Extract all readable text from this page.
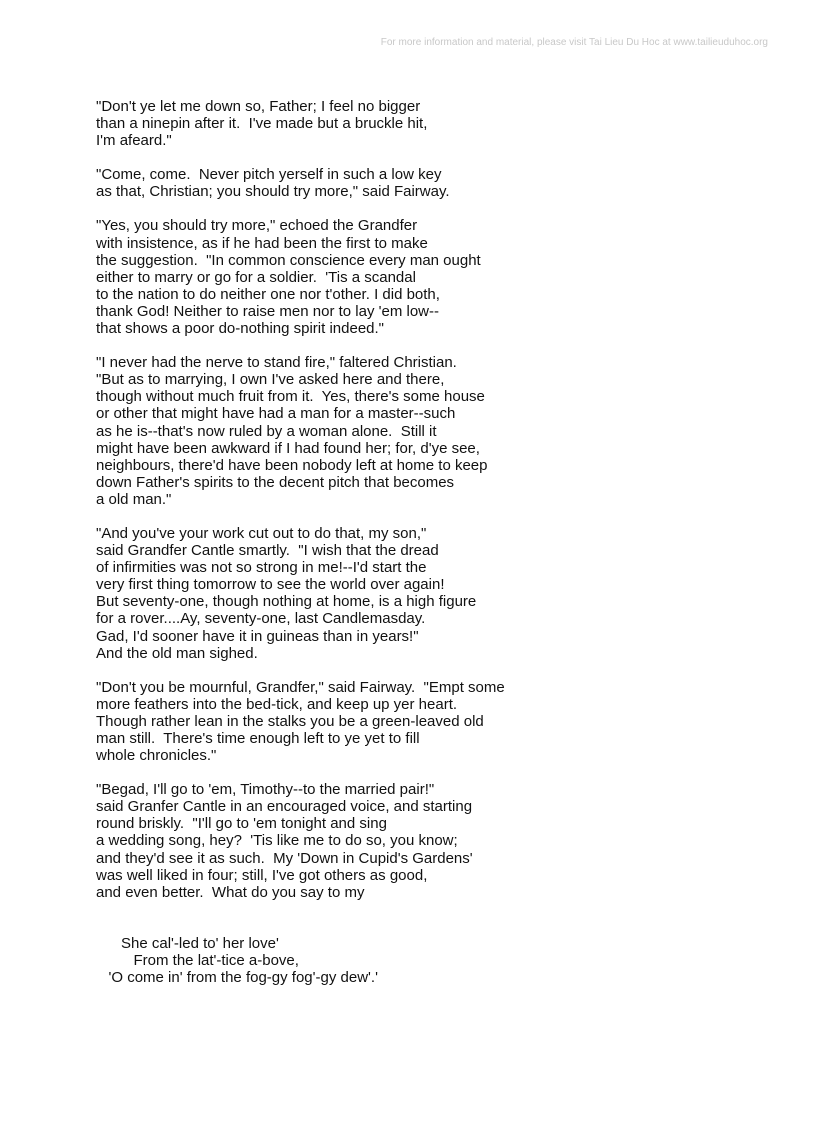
For more information and material, please visit Tai Lieu Du Hoc at www.tailieuduhoc.org

"Don't ye let me down so, Father; I feel no bigger
than a ninepin after it.  I've made but a bruckle hit,
I'm afeard."

"Come, come.  Never pitch yerself in such a low key
as that, Christian; you should try more," said Fairway.

"Yes, you should try more," echoed the Grandfer
with insistence, as if he had been the first to make
the suggestion.  "In common conscience every man ought
either to marry or go for a soldier.  'Tis a scandal
to the nation to do neither one nor t'other. I did both,
thank God! Neither to raise men nor to lay 'em low--
that shows a poor do-nothing spirit indeed."

"I never had the nerve to stand fire," faltered Christian.
"But as to marrying, I own I've asked here and there,
though without much fruit from it.  Yes, there's some house
or other that might have had a man for a master--such
as he is--that's now ruled by a woman alone.  Still it
might have been awkward if I had found her; for, d'ye see,
neighbours, there'd have been nobody left at home to keep
down Father's spirits to the decent pitch that becomes
a old man."

"And you've your work cut out to do that, my son,"
said Grandfer Cantle smartly.  "I wish that the dread
of infirmities was not so strong in me!--I'd start the
very first thing tomorrow to see the world over again!
But seventy-one, though nothing at home, is a high figure
for a rover....Ay, seventy-one, last Candlemasday.
Gad, I'd sooner have it in guineas than in years!"
And the old man sighed.

"Don't you be mournful, Grandfer," said Fairway.  "Empt some
more feathers into the bed-tick, and keep up yer heart.
Though rather lean in the stalks you be a green-leaved old
man still.  There's time enough left to ye yet to fill
whole chronicles."

"Begad, I'll go to 'em, Timothy--to the married pair!"
said Granfer Cantle in an encouraged voice, and starting
round briskly.  "I'll go to 'em tonight and sing
a wedding song, hey?  'Tis like me to do so, you know;
and they'd see it as such.  My 'Down in Cupid's Gardens'
was well liked in four; still, I've got others as good,
and even better.  What do you say to my

She cal'-led to' her love'
From the lat'-tice a-bove,
'O come in' from the fog-gy fog'-gy dew'.'
